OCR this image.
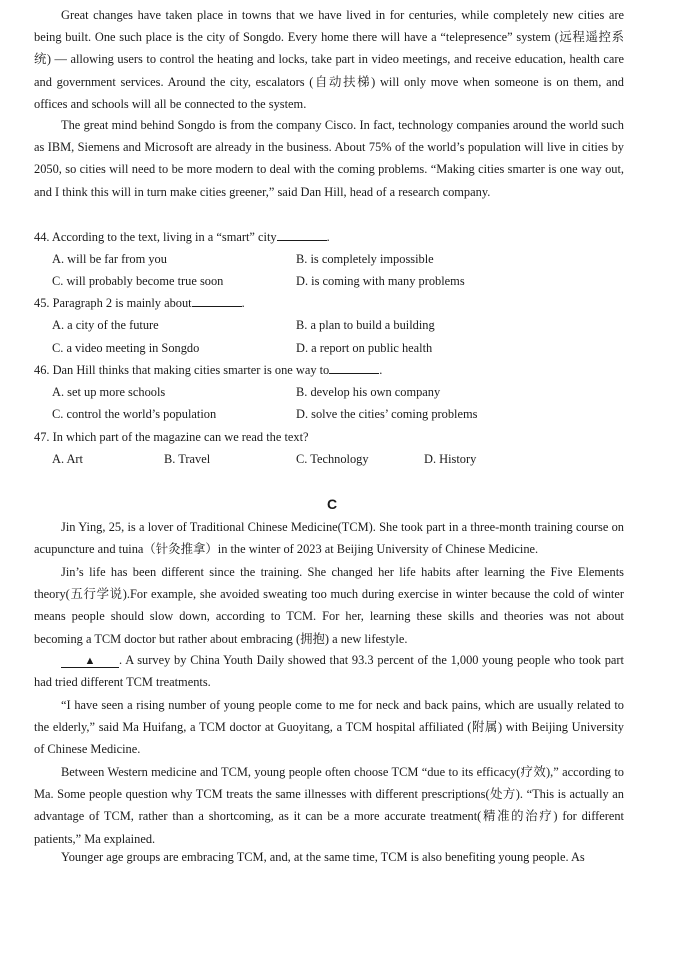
Great changes have taken place in towns that we have lived in for centuries, while completely new cities are being built. One such place is the city of Songdo. Every home there will have a “telepresence” system (远程遥控系统) — allowing users to control the heating and locks, take part in video meetings, and receive education, health care and government services. Around the city, escalators (自动扶梯) will only move when someone is on them, and offices and schools will all be connected to the system.

The great mind behind Songdo is from the company Cisco. In fact, technology companies around the world such as IBM, Siemens and Microsoft are already in the business. About 75% of the world’s population will live in cities by 2050, so cities will need to be more modern to deal with the coming problems. “Making cities smarter is one way out, and I think this will in turn make cities greener,” said Dan Hill, head of a research company.

44. According to the text, living in a “smart” city	.

A. will be far from you	B. is completely impossible
C. will probably become true soon	D. is coming with many problems

45. Paragraph 2 is mainly about	.

A. a city of the future	B. a plan to build a building
C. a video meeting in Songdo	D. a report on public health

46. Dan Hill thinks that making cities smarter is one way to	.

A. set up more schools	B. develop his own company
C. control the world’s population	D. solve the cities’ coming problems

47. In which part of the magazine can we read the text?

A. Art	B. Travel	C. Technology	D. History
C

Jin Ying, 25, is a lover of Traditional Chinese Medicine(TCM). She took part in a three-month training course on acupuncture and tuina（针灸推拿）in the winter of 2023 at Beijing University of Chinese Medicine.

Jin’s life has been different since the training. She changed her life habits after learning the Five Elements theory(五行学说).For example, she avoided sweating too much during exercise in winter because the cold of winter means people should slow down, according to TCM. For her, learning these skills and theories was not about becoming a TCM doctor but rather about embracing (拥抱) a new lifestyle.

▲ . A survey by China Youth Daily showed that 93.3 percent of the 1,000 young people who took part had tried different TCM treatments.

“I have seen a rising number of young people come to me for neck and back pains, which are usually related to the elderly,” said Ma Huifang, a TCM doctor at Guoyitang, a TCM hospital affiliated (附属) with Beijing University of Chinese Medicine.

Between Western medicine and TCM, young people often choose TCM “due to its efficacy(疗效),” according to Ma. Some people question why TCM treats the same illnesses with different prescriptions(处方). “This is actually an advantage of TCM, rather than a shortcoming, as it can be a more accurate treatment(精准的治疗) for different patients,” Ma explained.

Younger age groups are embracing TCM, and, at the same time, TCM is also benefiting young people. As
